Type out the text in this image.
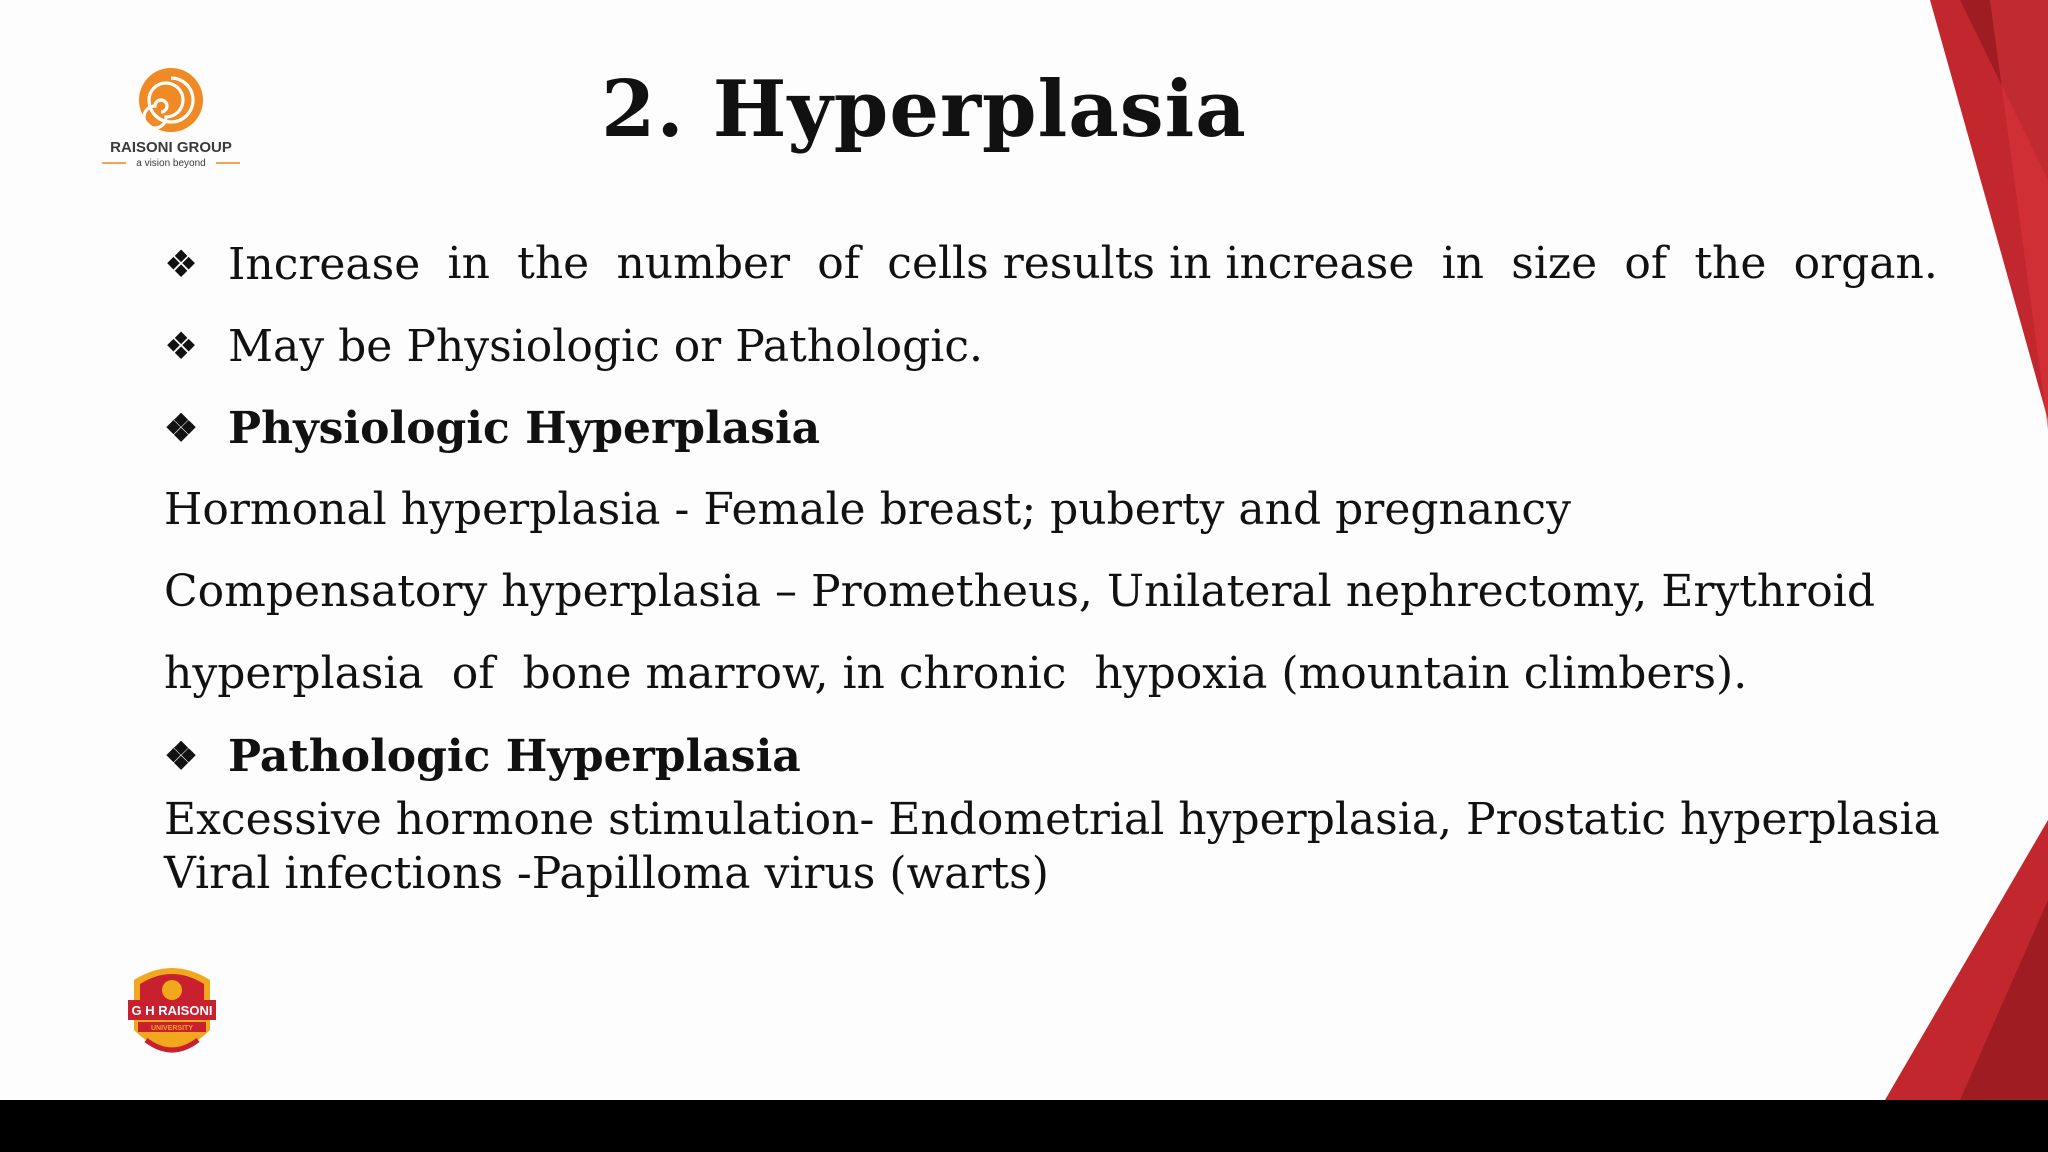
RAISONI GROUP
a vision beyond
2. Hyperplasia
❖ Increase in the number of cells results in increase in size of the organ.
❖ May be Physiologic or Pathologic.
❖ Physiologic Hyperplasia
Hormonal hyperplasia - Female breast; puberty and pregnancy
Compensatory hyperplasia – Prometheus, Unilateral nephrectomy, Erythroid
hyperplasia  of  bone marrow, in chronic  hypoxia (mountain climbers).
❖ Pathologic Hyperplasia
Excessive hormone stimulation- Endometrial hyperplasia, Prostatic hyperplasia
Viral infections -Papilloma virus (warts)
G H RAISONI
UNIVERSITY
